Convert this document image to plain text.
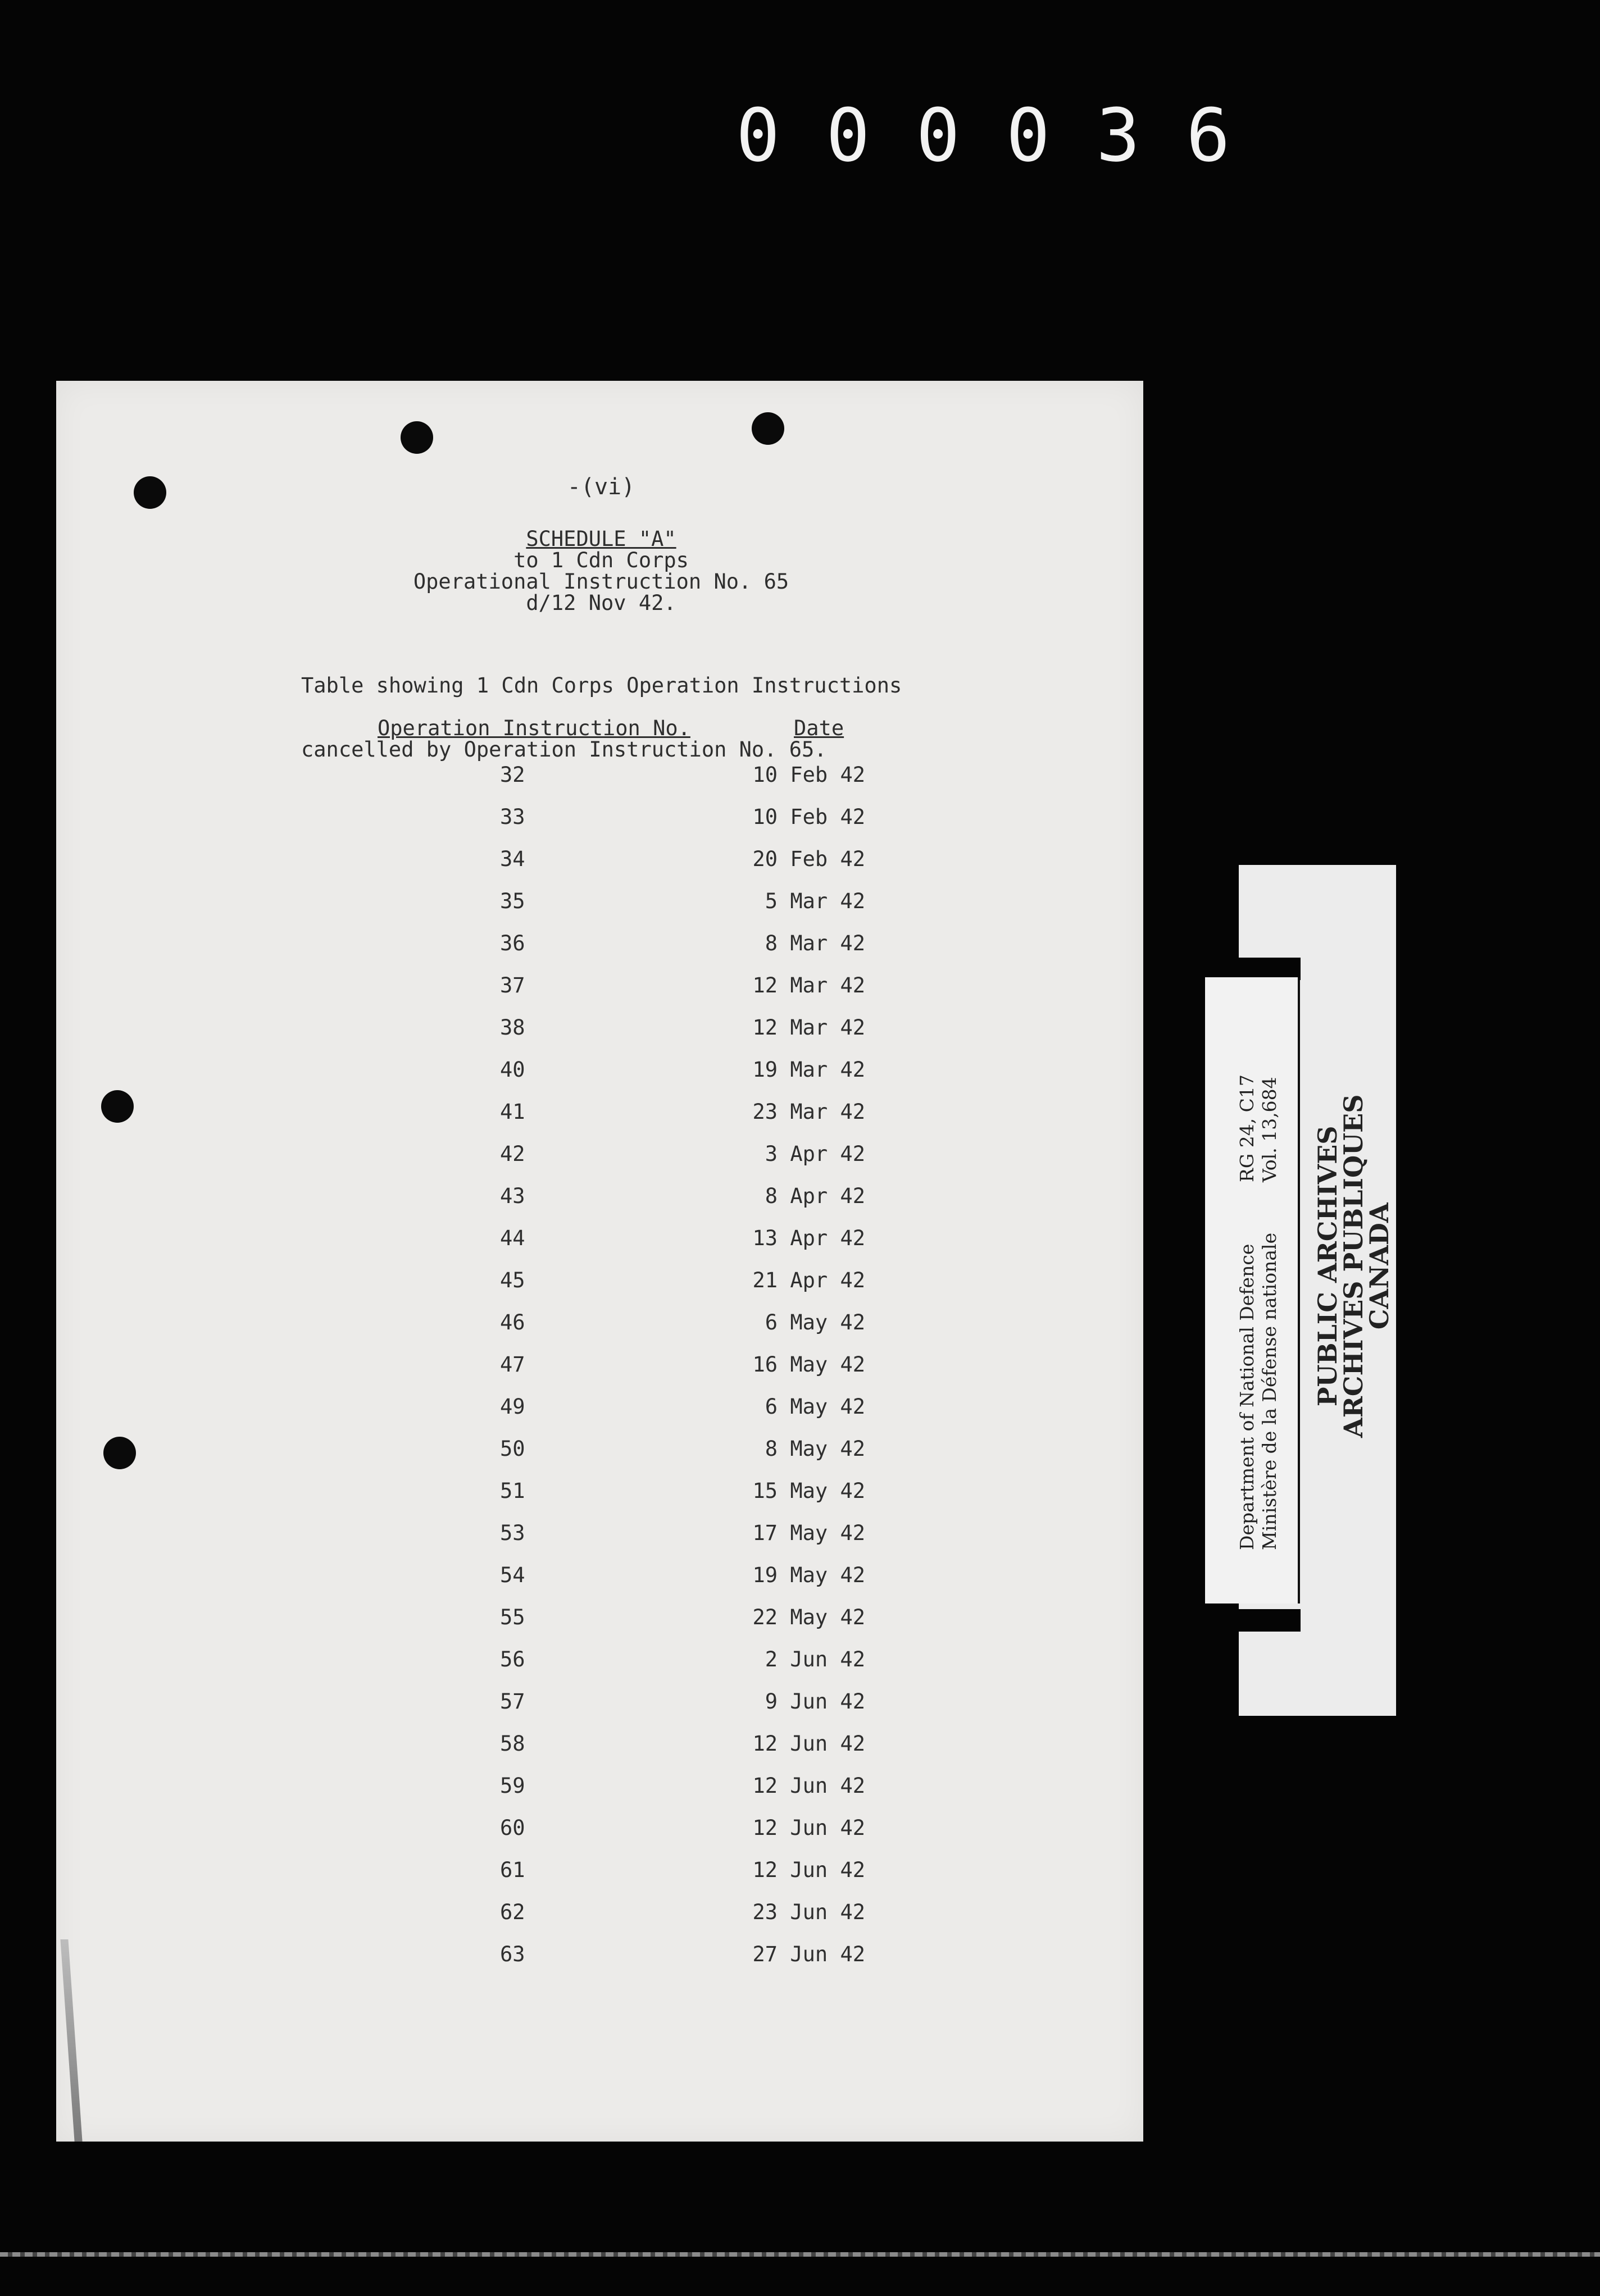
000036
-(vi)
SCHEDULE "A"
to 1 Cdn Corps
Operational Instruction No. 65
d/12 Nov 42.

Table showing 1 Cdn Corps Operation Instructions

cancelled by Operation Instruction No. 65.

Operation Instruction No.	Date
32	10 Feb 42
33	10 Feb 42
34	20 Feb 42
35	5 Mar 42
36	8 Mar 42
37	12 Mar 42
38	12 Mar 42
40	19 Mar 42
41	23 Mar 42
42	3 Apr 42
43	8 Apr 42
44	13 Apr 42
45	21 Apr 42
46	6 May 42
47	16 May 42
49	6 May 42
50	8 May 42
51	15 May 42
53	17 May 42
54	19 May 42
55	22 May 42
56	2 Jun 42
57	9 Jun 42
58	12 Jun 42
59	12 Jun 42
60	12 Jun 42
61	12 Jun 42
62	23 Jun 42
63	27 Jun 42
Department of National Defence Ministère de la Défense nationale
RG 24, C17 Vol. 13,684 PUBLIC ARCHIVES
ARCHIVES PUBLIQUES
CANADA
